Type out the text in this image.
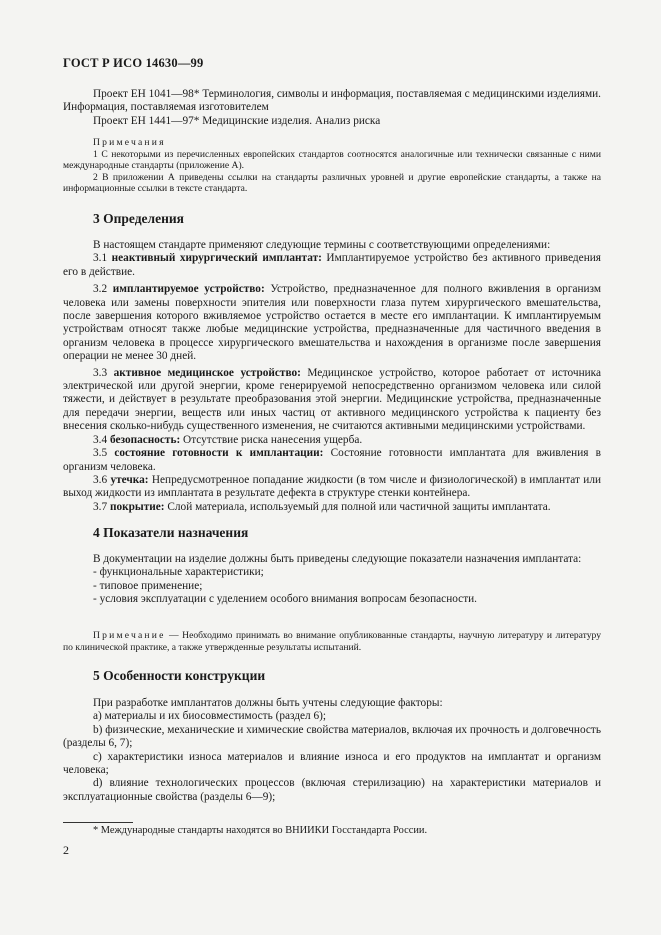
ГОСТ Р ИСО 14630—99

Проект ЕН 1041—98* Терминология, символы и информация, поставляемая с медицинскими изделиями. Информация, поставляемая изготовителем

Проект ЕН 1441—97* Медицинские изделия. Анализ риска

Примечания

1 С некоторыми из перечисленных европейских стандартов соотносятся аналогичные или технически связанные с ними международные стандарты (приложение А).

2 В приложении А приведены ссылки на стандарты различных уровней и другие европейские стандарты, а также на информационные ссылки в тексте стандарта.

3 Определения

В настоящем стандарте применяют следующие термины с соответствующими определениями:

3.1 неактивный хирургический имплантат: Имплантируемое устройство без активного приведения его в действие.

3.2 имплантируемое устройство: Устройство, предназначенное для полного вживления в организм человека или замены поверхности эпителия или поверхности глаза путем хирургического вмешательства, после завершения которого вживляемое устройство остается в месте его имплантации. К имплантируемым устройствам относят также любые медицинские устройства, предназначенные для частичного введения в организм человека в процессе хирургического вмешательства и нахождения в организме после завершения операции не менее 30 дней.

3.3 активное медицинское устройство: Медицинское устройство, которое работает от источника электрической или другой энергии, кроме генерируемой непосредственно организмом человека или силой тяжести, и действует в результате преобразования этой энергии. Медицинские устройства, предназначенные для передачи энергии, веществ или иных частиц от активного медицинского устройства к пациенту без внесения сколько-нибудь существенного изменения, не считаются активными медицинскими устройствами.

3.4 безопасность: Отсутствие риска нанесения ущерба.

3.5 состояние готовности к имплантации: Состояние готовности имплантата для вживления в организм человека.

3.6 утечка: Непредусмотренное попадание жидкости (в том числе и физиологической) в имплантат или выход жидкости из имплантата в результате дефекта в структуре стенки контейнера.

3.7 покрытие: Слой материала, используемый для полной или частичной защиты имплантата.

4 Показатели назначения

В документации на изделие должны быть приведены следующие показатели назначения имплантата:

- функциональные характеристики;

- типовое применение;

- условия эксплуатации с уделением особого внимания вопросам безопасности.

Примечание — Необходимо принимать во внимание опубликованные стандарты, научную литературу и литературу по клинической практике, а также утвержденные результаты испытаний.

5 Особенности конструкции

При разработке имплантатов должны быть учтены следующие факторы:

a) материалы и их биосовместимость (раздел 6);

b) физические, механические и химические свойства материалов, включая их прочность и долговечность (разделы 6, 7);

c) характеристики износа материалов и влияние износа и его продуктов на имплантат и организм человека;

d) влияние технологических процессов (включая стерилизацию) на характеристики материалов и эксплуатационные свойства (разделы 6—9);

* Международные стандарты находятся во ВНИИКИ Госстандарта России.
2
